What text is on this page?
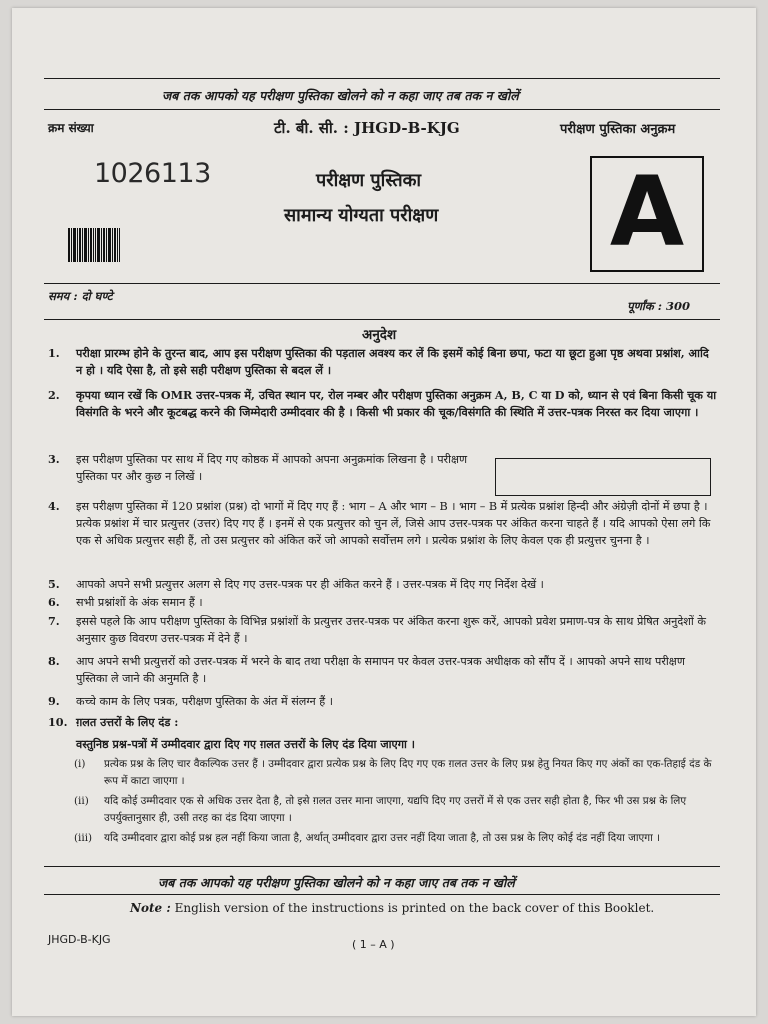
जब तक आपको यह परीक्षण पुस्तिका खोलने को न कहा जाए तब तक न खोलें
क्रम संख्या	टी. बी. सी. : JHGD-B-KJG	परीक्षण पुस्तिका अनुक्रम
1026113	परीक्षण पुस्तिका
सामान्य योग्यता परीक्षण A
समय : दो घण्टे
पूर्णांक : 300
अनुदेश
1. परीक्षा प्रारम्भ होने के तुरन्त बाद, आप इस परीक्षण पुस्तिका की पड़ताल अवश्य कर लें कि इसमें कोई बिना छपा, फटा या छूटा हुआ पृष्ठ अथवा प्रश्नांश, आदि न हो । यदि ऐसा है, तो इसे सही परीक्षण पुस्तिका से बदल लें ।
2. कृपया ध्यान रखें कि OMR उत्तर-पत्रक में, उचित स्थान पर, रोल नम्बर और परीक्षण पुस्तिका अनुक्रम A, B, C या D को, ध्यान से एवं बिना किसी चूक या विसंगति के भरने और कूटबद्ध करने की जिम्मेदारी उम्मीदवार की है । किसी भी प्रकार की चूक/विसंगति की स्थिति में उत्तर-पत्रक निरस्त कर दिया जाएगा ।
3. इस परीक्षण पुस्तिका पर साथ में दिए गए कोष्ठक में आपको अपना अनुक्रमांक लिखना है । परीक्षण पुस्तिका पर और कुछ न लिखें ।
4. इस परीक्षण पुस्तिका में 120 प्रश्नांश (प्रश्न) दो भागों में दिए गए हैं : भाग – A और भाग – B । भाग – B में प्रत्येक प्रश्नांश हिन्दी और अंग्रेज़ी दोनों में छपा है । प्रत्येक प्रश्नांश में चार प्रत्युत्तर (उत्तर) दिए गए हैं । इनमें से एक प्रत्युत्तर को चुन लें, जिसे आप उत्तर-पत्रक पर अंकित करना चाहते हैं । यदि आपको ऐसा लगे कि एक से अधिक प्रत्युत्तर सही हैं, तो उस प्रत्युत्तर को अंकित करें जो आपको सर्वोत्तम लगे । प्रत्येक प्रश्नांश के लिए केवल एक ही प्रत्युत्तर चुनना है ।
5. आपको अपने सभी प्रत्युत्तर अलग से दिए गए उत्तर-पत्रक पर ही अंकित करने हैं । उत्तर-पत्रक में दिए गए निर्देश देखें ।
6. सभी प्रश्नांशों के अंक समान हैं ।
7. इससे पहले कि आप परीक्षण पुस्तिका के विभिन्न प्रश्नांशों के प्रत्युत्तर उत्तर-पत्रक पर अंकित करना शुरू करें, आपको प्रवेश प्रमाण-पत्र के साथ प्रेषित अनुदेशों के अनुसार कुछ विवरण उत्तर-पत्रक में देने हैं ।
8. आप अपने सभी प्रत्युत्तरों को उत्तर-पत्रक में भरने के बाद तथा परीक्षा के समापन पर केवल उत्तर-पत्रक अधीक्षक को सौंप दें । आपको अपने साथ परीक्षण पुस्तिका ले जाने की अनुमति है ।
9. कच्चे काम के लिए पत्रक, परीक्षण पुस्तिका के अंत में संलग्न हैं ।
10. ग़लत उत्तरों के लिए दंड :
वस्तुनिष्ठ प्रश्न-पत्रों में उम्मीदवार द्वारा दिए गए ग़लत उत्तरों के लिए दंड दिया जाएगा ।
(i) प्रत्येक प्रश्न के लिए चार वैकल्पिक उत्तर हैं । उम्मीदवार द्वारा प्रत्येक प्रश्न के लिए दिए गए एक ग़लत उत्तर के लिए प्रश्न हेतु नियत किए गए अंकों का एक-तिहाई दंड के रूप में काटा जाएगा ।
(ii) यदि कोई उम्मीदवार एक से अधिक उत्तर देता है, तो इसे ग़लत उत्तर माना जाएगा, यद्यपि दिए गए उत्तरों में से एक उत्तर सही होता है, फिर भी उस प्रश्न के लिए उपर्युक्तानुसार ही, उसी तरह का दंड दिया जाएगा ।
(iii) यदि उम्मीदवार द्वारा कोई प्रश्न हल नहीं किया जाता है, अर्थात् उम्मीदवार द्वारा उत्तर नहीं दिया जाता है, तो उस प्रश्न के लिए कोई दंड नहीं दिया जाएगा ।
जब तक आपको यह परीक्षण पुस्तिका खोलने को न कहा जाए तब तक न खोलें
Note : English version of the instructions is printed on the back cover of this Booklet.
JHGD-B-KJG	( 1 – A )
